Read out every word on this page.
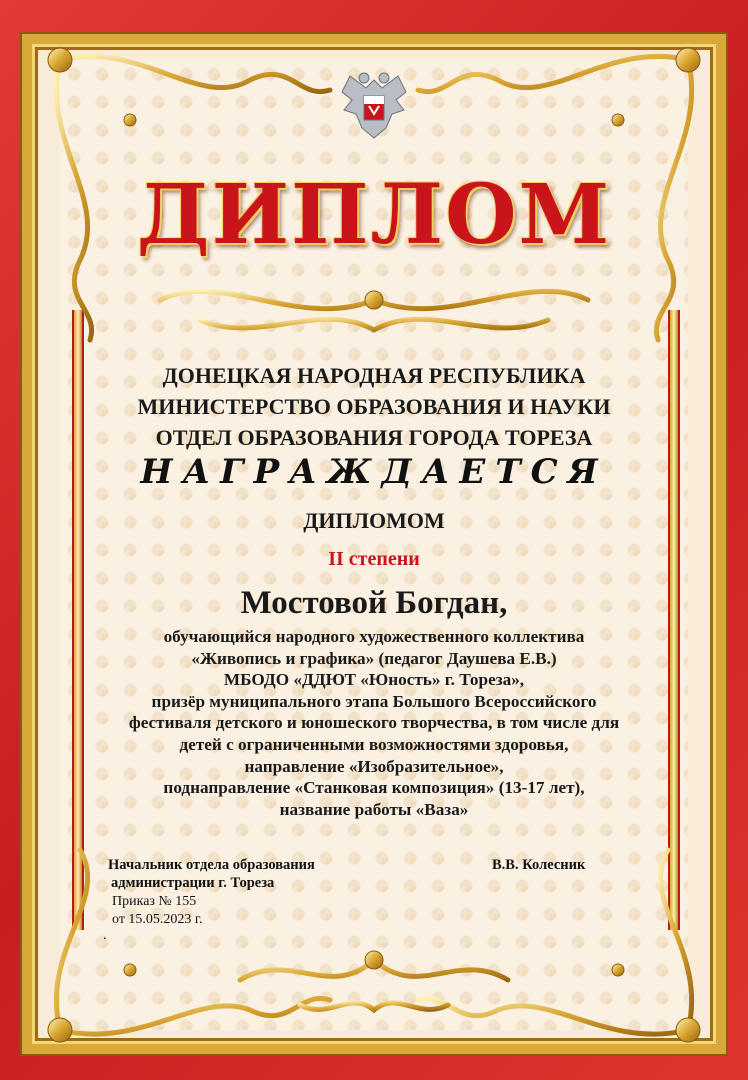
ДИПЛОМ
ДОНЕЦКАЯ НАРОДНАЯ РЕСПУБЛИКА
МИНИСТЕРСТВО ОБРАЗОВАНИЯ И НАУКИ
ОТДЕЛ ОБРАЗОВАНИЯ ГОРОДА ТОРЕЗА

НАГРАЖДАЕТСЯ

ДИПЛОМОМ

II степени

Мостовой Богдан,

обучающийся народного художественного коллектива
«Живопись и графика» (педагог Даушева Е.В.)
МБОДО «ДДЮТ «Юность» г. Тореза»,
призёр муниципального этапа Большого Всероссийского
фестиваля детского и юношеского творчества, в том числе для
детей с ограниченными возможностями здоровья,
направление «Изобразительное»,
поднаправление «Станковая композиция» (13-17 лет),
название работы «Ваза»
Начальник отдела образования
администрации г. Тореза
В.В. Колесник
Приказ № 155
от 15.05.2023 г.
.
